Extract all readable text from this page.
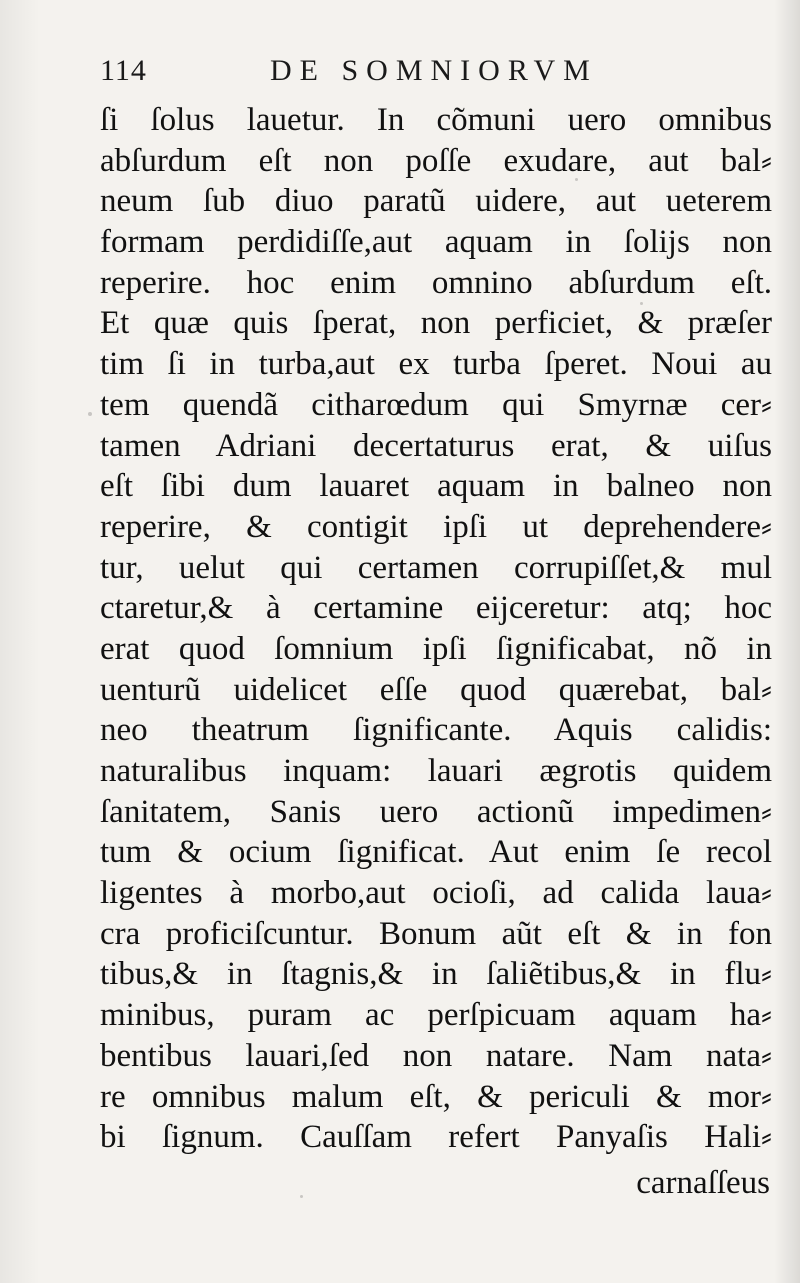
114	DE SOMNIORVM
ſi ſolus lauetur. In cõmuni uero omnibus
abſurdum eſt non poſſe exudare, aut bal⸗
neum ſub diuo paratũ uidere, aut ueterem
formam perdidiſſe,aut aquam in ſolijs non
reperire. hoc enim omnino abſurdum eſt.
Et quæ quis ſperat, non perficiet, & præſer
tim ſi in turba,aut ex turba ſperet. Noui au
tem quendã citharœdum qui Smyrnæ cer⸗
tamen Adriani decertaturus erat, & uiſus
eſt ſibi dum lauaret aquam in balneo non
reperire, & contigit ipſi ut deprehendere⸗
tur, uelut qui certamen corrupiſſet,& mul
ctaretur,& à certamine eijceretur: atq; hoc
erat quod ſomnium ipſi ſignificabat, nõ in
uenturũ uidelicet eſſe quod quærebat, bal⸗
neo theatrum ſignificante. Aquis calidis:
naturalibus inquam: lauari ægrotis quidem
ſanitatem, Sanis uero actionũ impedimen⸗
tum & ocium ſignificat. Aut enim ſe recol
ligentes à morbo,aut ocioſi, ad calida laua⸗
cra proficiſcuntur. Bonum aũt eſt & in fon
tibus,& in ſtagnis,& in ſaliẽtibus,& in flu⸗
minibus, puram ac perſpicuam aquam ha⸗
bentibus lauari,ſed non natare. Nam nata⸗
re omnibus malum eſt, & periculi & mor⸗
bi ſignum. Cauſſam refert Panyaſis Hali⸗
carnaſſeus
